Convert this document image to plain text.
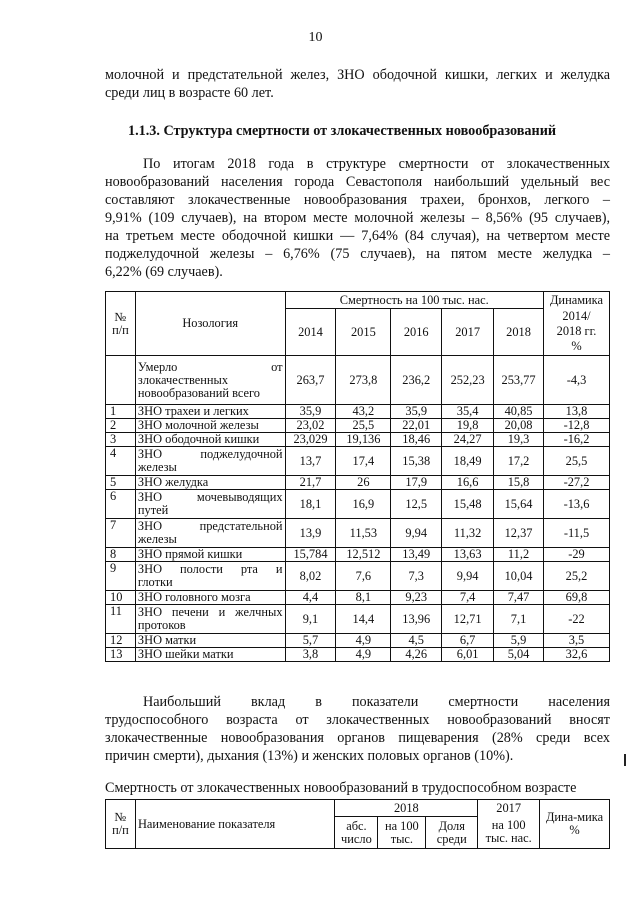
10
молочной и предстательной желез, ЗНО ободочной кишки, легких и желудка
среди лиц в возрасте 60 лет.
1.1.3. Структура смертности от злокачественных новообразований
По итогам 2018 года в структуре смертности от злокачественных
новообразований населения города Севастополя наибольший удельный вес
составляют злокачественные новообразования трахеи, бронхов, легкого –
9,91% (109 случаев), на втором месте молочной железы – 8,56% (95 случаев),
на третьем месте ободочной кишки — 7,64% (84 случая), на четвертом месте
поджелудочной железы – 6,76% (75 случаев), на пятом месте желудка –
6,22% (69 случаев).
№ п/п	Нозология	Смертность на 100 тыс. нас.					Динамика
		2014	2015	2016	2017	2018	2014/
2018 гг.
%

	Умерло от
злокачественных
новообразований всего	263,7	273,8	236,2	252,23	253,77	-4,3
1	ЗНО трахеи и легких	35,9	43,2	35,9	35,4	40,85	13,8
2	ЗНО молочной железы	23,02	25,5	22,01	19,8	20,08	-12,8
3	ЗНО ободочной кишки	23,029	19,136	18,46	24,27	19,3	-16,2
4	ЗНО поджелудочной
железы	13,7	17,4	15,38	18,49	17,2	25,5
5	ЗНО желудка	21,7	26	17,9	16,6	15,8	-27,2
6	ЗНО мочевыводящих
путей	18,1	16,9	12,5	15,48	15,64	-13,6
7	ЗНО предстательной
железы	13,9	11,53	9,94	11,32	12,37	-11,5
8	ЗНО прямой кишки	15,784	12,512	13,49	13,63	11,2	-29
9	ЗНО полости рта и
глотки	8,02	7,6	7,3	9,94	10,04	25,2
10	ЗНО головного мозга	4,4	8,1	9,23	7,4	7,47	69,8
11	ЗНО печени и желчных
протоков	9,1	14,4	13,96	12,71	7,1	-22
12	ЗНО матки	5,7	4,9	4,5	6,7	5,9	3,5
13	ЗНО шейки матки	3,8	4,9	4,26	6,01	5,04	32,6
Наибольший вклад в показатели смертности населения
трудоспособного возраста от злокачественных новообразований вносят
злокачественные новообразования органов пищеварения (28% среди всех
причин смерти), дыхания (13%) и женских половых органов (10%).
Смертность от злокачественных новообразований в трудоспособном возрасте
№ п/п	Наименование показателя	2018			2017	Дина-мика %
		абс. число	на 100 тыс.	Доля среди	на 100 тыс. нас.	
